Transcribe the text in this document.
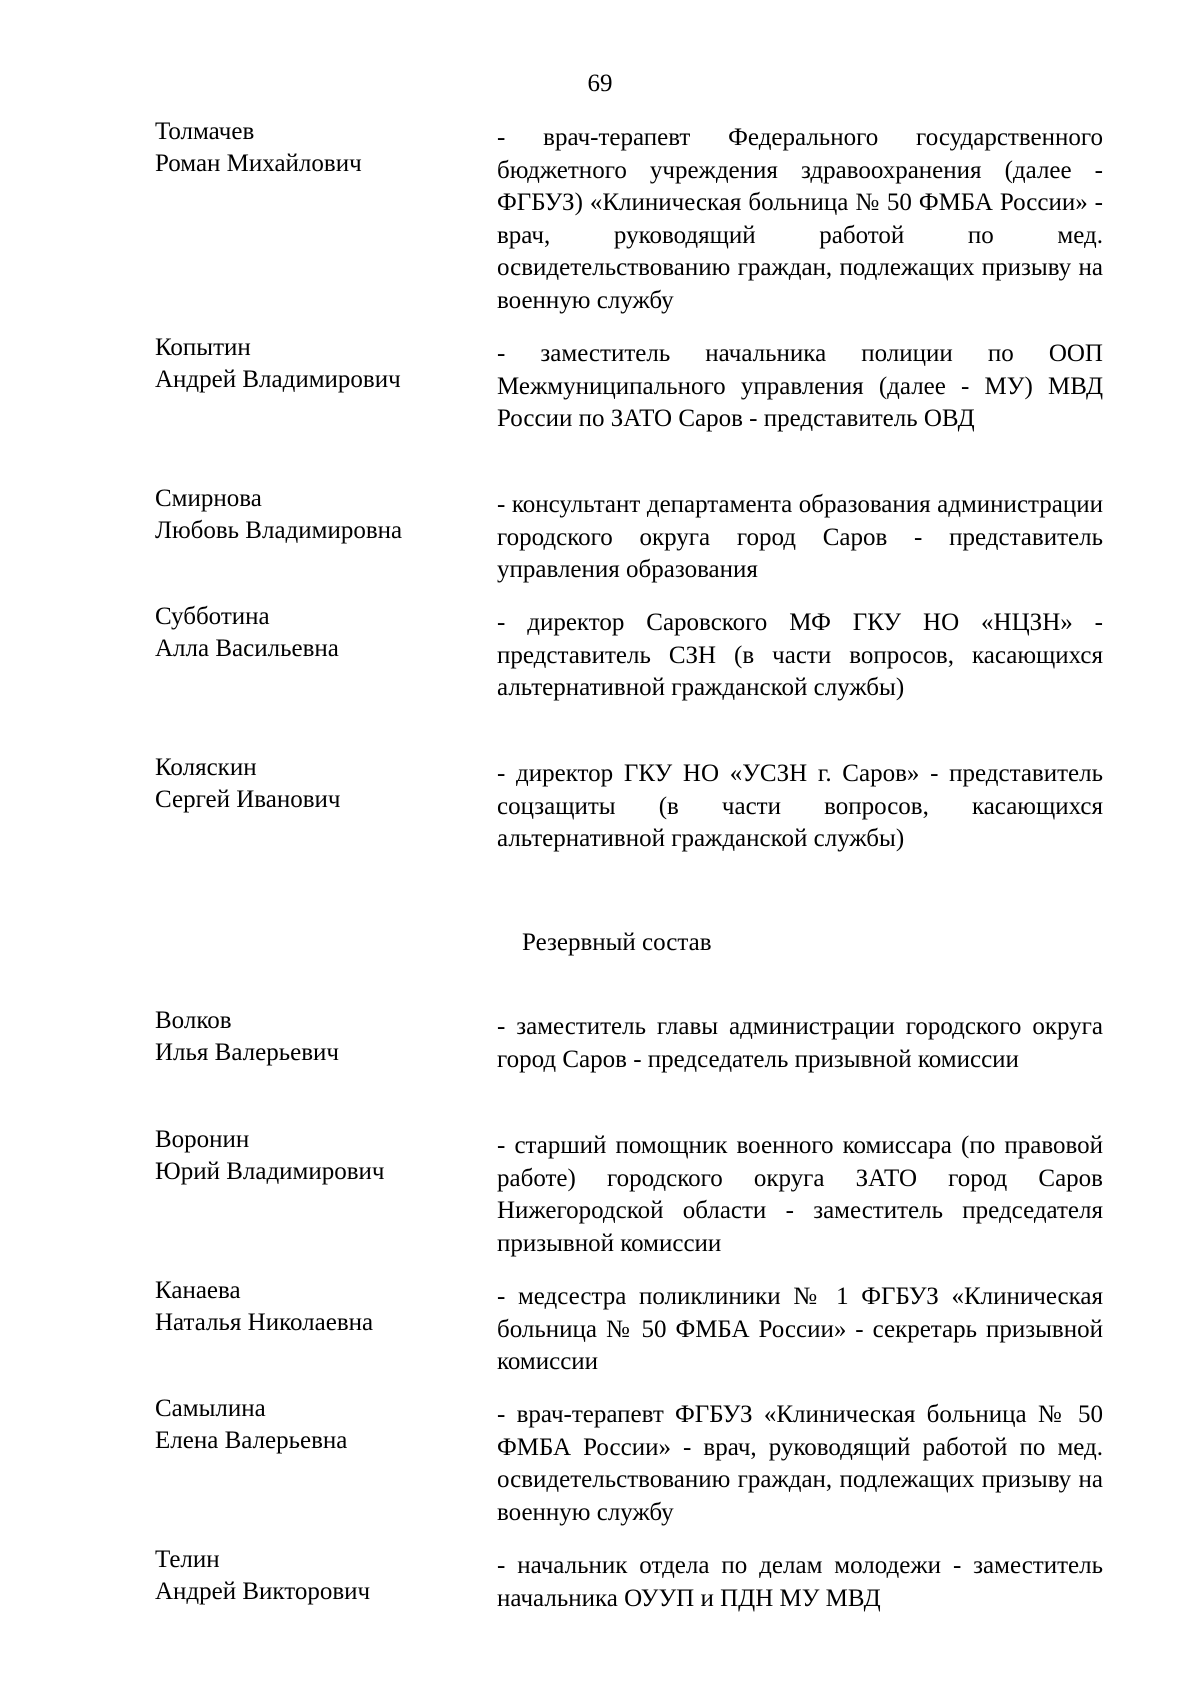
69
Толмачев
Роман Михайлович
- врач-терапевт Федерального государственного бюджетного учреждения здравоохранения (далее - ФГБУЗ) «Клиническая больница № 50 ФМБА России» - врач, руководящий работой по мед. освидетельствованию граждан, подлежащих призыву на военную службу
Копытин
Андрей Владимирович
- заместитель начальника полиции по ООП Межмуниципального управления (далее - МУ) МВД России по ЗАТО Саров - представитель ОВД
Смирнова
Любовь Владимировна
- консультант департамента образования администрации городского округа город Саров - представитель управления образования
Субботина
Алла Васильевна
- директор Саровского МФ ГКУ НО «НЦЗН» - представитель СЗН (в части вопросов, касающихся альтернативной гражданской службы)
Коляскин
Сергей Иванович
- директор ГКУ НО «УСЗН г. Саров» - представитель соцзащиты (в части вопросов, касающихся альтернативной гражданской службы)
Резервный состав
Волков
Илья Валерьевич
- заместитель главы администрации городского округа город Саров - председатель призывной комиссии
Воронин
Юрий Владимирович
- старший помощник военного комиссара (по правовой работе) городского округа ЗАТО город Саров Нижегородской области - заместитель председателя призывной комиссии
Канаева
Наталья Николаевна
- медсестра поликлиники № 1 ФГБУЗ «Клиническая больница № 50 ФМБА России» - секретарь призывной комиссии
Самылина
Елена Валерьевна
- врач-терапевт ФГБУЗ «Клиническая больница № 50 ФМБА России» - врач, руководящий работой по мед. освидетельствованию граждан, подлежащих призыву на военную службу
Телин
Андрей Викторович
- начальник отдела по делам молодежи - заместитель начальника ОУУП и ПДН МУ МВД
